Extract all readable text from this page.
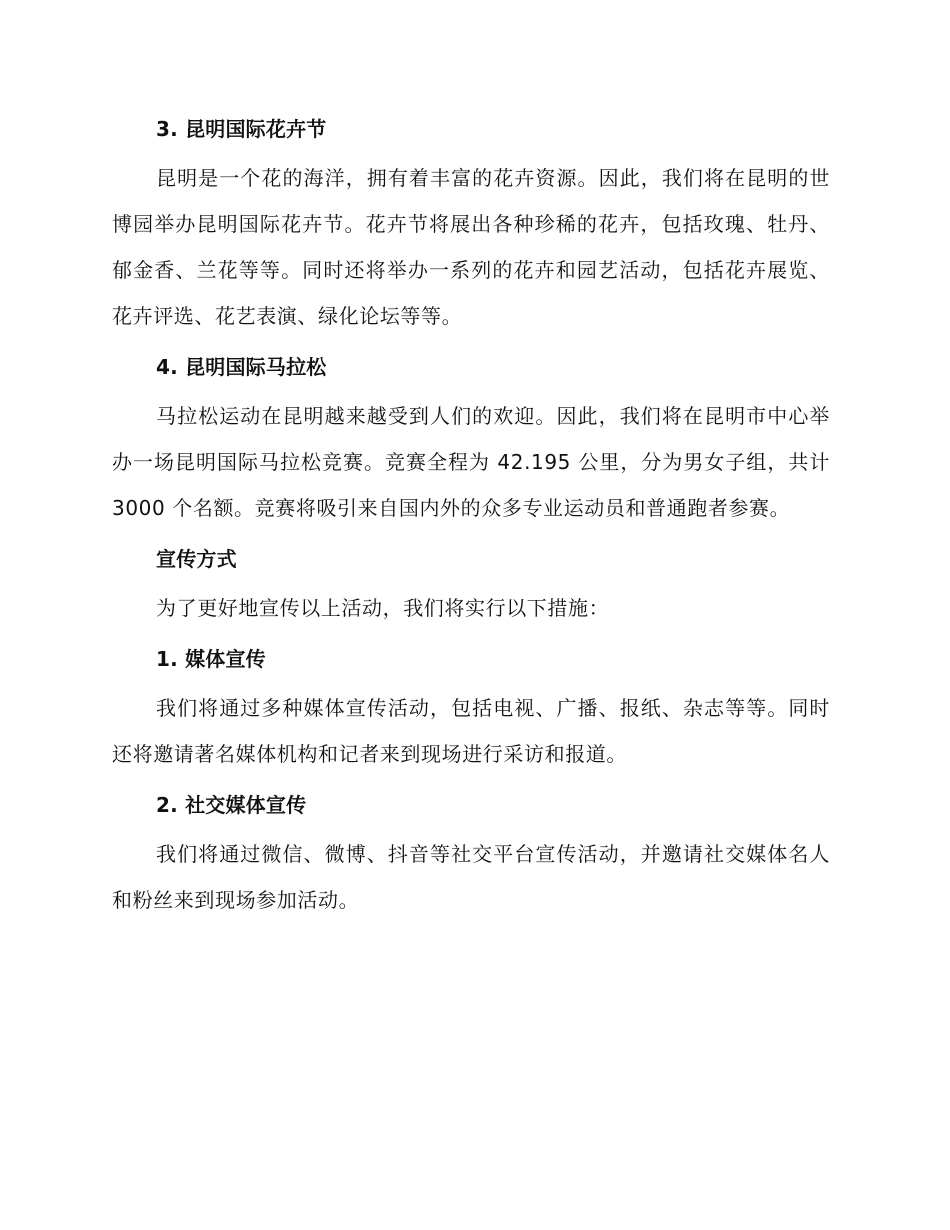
3. 昆明国际花卉节

昆明是一个花的海洋，拥有着丰富的花卉资源。因此，我们将在昆明的世博园举办昆明国际花卉节。花卉节将展出各种珍稀的花卉，包括玫瑰、牡丹、郁金香、兰花等等。同时还将举办一系列的花卉和园艺活动，包括花卉展览、花卉评选、花艺表演、绿化论坛等等。

4. 昆明国际马拉松

马拉松运动在昆明越来越受到人们的欢迎。因此，我们将在昆明市中心举办一场昆明国际马拉松竞赛。竞赛全程为 42.195 公里，分为男女子组，共计 3000 个名额。竞赛将吸引来自国内外的众多专业运动员和普通跑者参赛。

宣传方式

为了更好地宣传以上活动，我们将实行以下措施：

1. 媒体宣传

我们将通过多种媒体宣传活动，包括电视、广播、报纸、杂志等等。同时还将邀请著名媒体机构和记者来到现场进行采访和报道。

2. 社交媒体宣传

我们将通过微信、微博、抖音等社交平台宣传活动，并邀请社交媒体名人和粉丝来到现场参加活动。
